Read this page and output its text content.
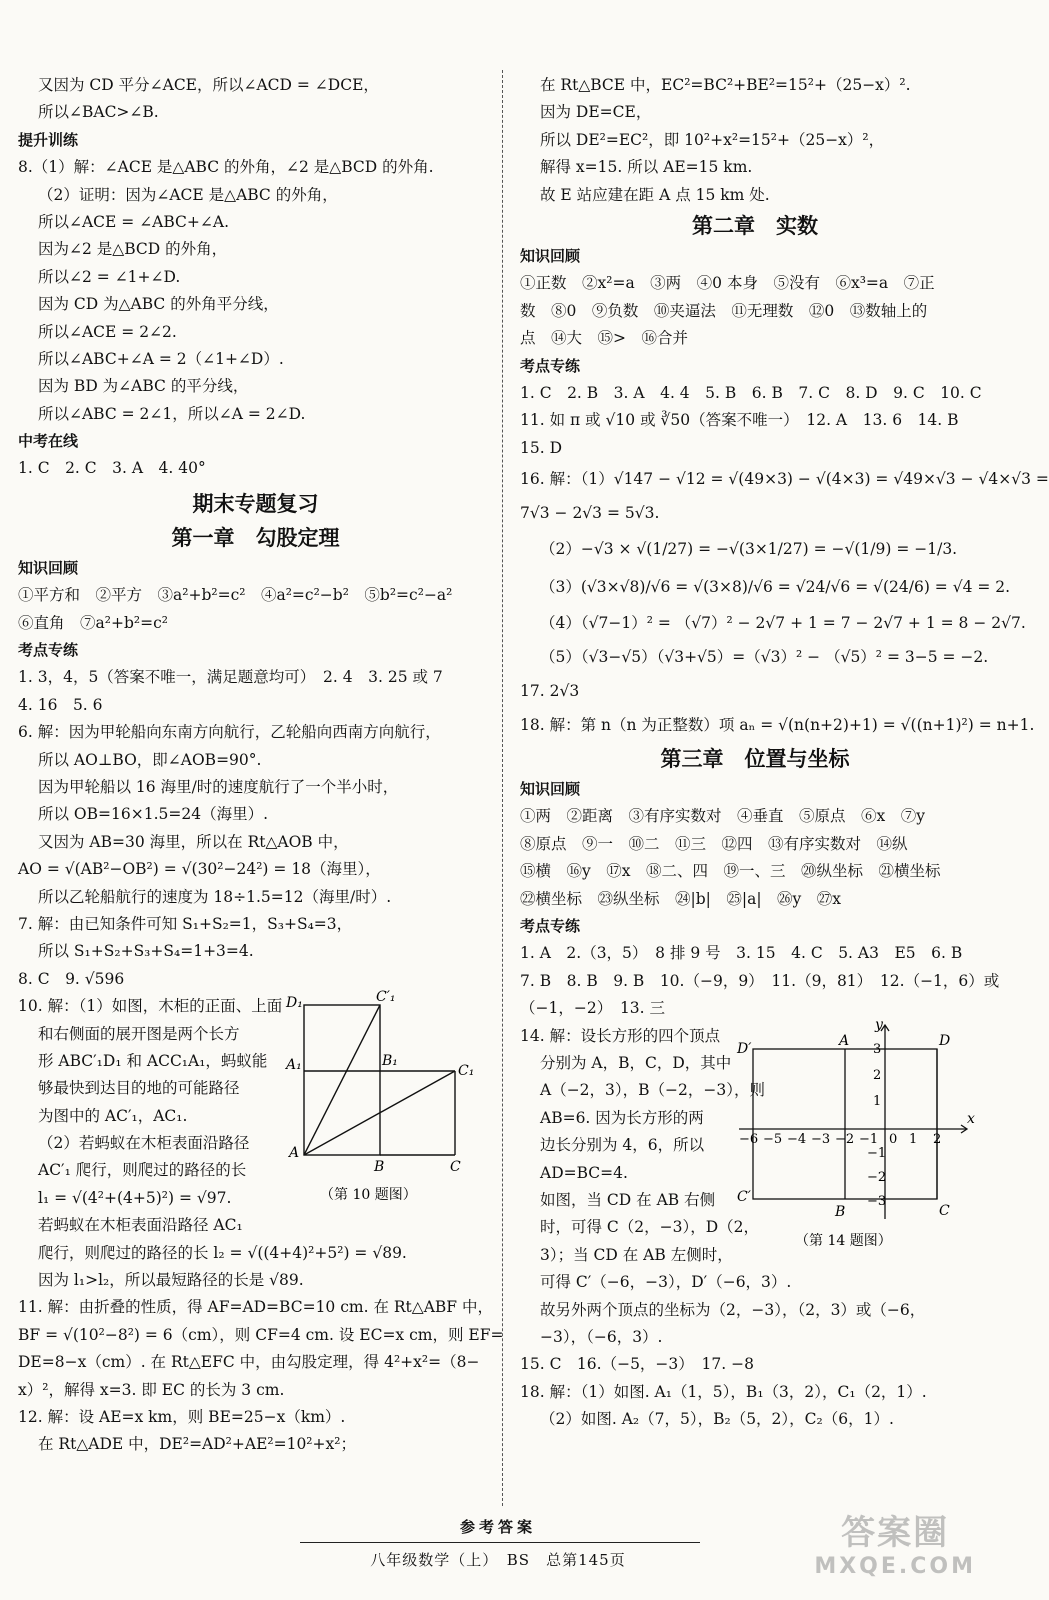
又因为 CD 平分∠ACE，所以∠ACD = ∠DCE，
所以∠BAC>∠B.
提升训练
8.（1）解：∠ACE 是△ABC 的外角，∠2 是△BCD 的外角.
（2）证明：因为∠ACE 是△ABC 的外角，
所以∠ACE = ∠ABC+∠A.
因为∠2 是△BCD 的外角，
所以∠2 = ∠1+∠D.
因为 CD 为△ABC 的外角平分线，
所以∠ACE = 2∠2.
所以∠ABC+∠A = 2（∠1+∠D）.
因为 BD 为∠ABC 的平分线，
所以∠ABC = 2∠1，所以∠A = 2∠D.
中考在线
1. C　2. C　3. A　4. 40°
期末专题复习
第一章　勾股定理
知识回顾
①平方和　②平方　③a²+b²=c²　④a²=c²−b²　⑤b²=c²−a²
⑥直角　⑦a²+b²=c²
考点专练
1. 3，4，5（答案不唯一，满足题意均可）　2. 4　3. 25 或 7
4. 16　5. 6
6. 解：因为甲轮船向东南方向航行，乙轮船向西南方向航行，
所以 AO⊥BO，即∠AOB=90°.
因为甲轮船以 16 海里/时的速度航行了一个半小时，
所以 OB=16×1.5=24（海里）.
又因为 AB=30 海里，所以在 Rt△AOB 中，
AO = √(AB²−OB²) = √(30²−24²) = 18（海里），
所以乙轮船航行的速度为 18÷1.5=12（海里/时）.
7. 解：由已知条件可知 S₁+S₂=1，S₃+S₄=3，
所以 S₁+S₂+S₃+S₄=1+3=4.
8. C　9. √596
10. 解：（1）如图，木柜的正面、上面
和右侧面的展开图是两个长方
形 ABC′₁D₁ 和 ACC₁A₁，蚂蚁能
够最快到达目的地的可能路径
为图中的 AC′₁，AC₁.
（2）若蚂蚁在木柜表面沿路径
AC′₁ 爬行，则爬过的路径的长
l₁ = √(4²+(4+5)²) = √97.
D₁	C′₁
A₁	B₁
C₁
A
B	C
（第 10 题图）
若蚂蚁在木柜表面沿路径 AC₁
爬行，则爬过的路径的长 l₂ = √((4+4)²+5²) = √89.
因为 l₁>l₂，所以最短路径的长是 √89.
11. 解：由折叠的性质，得 AF=AD=BC=10 cm. 在 Rt△ABF 中，
BF = √(10²−8²) = 6（cm），则 CF=4 cm. 设 EC=x cm，则 EF=
DE=8−x（cm）. 在 Rt△EFC 中，由勾股定理，得 4²+x²=（8−
x）²，解得 x=3. 即 EC 的长为 3 cm.
12. 解：设 AE=x km，则 BE=25−x（km）.
在 Rt△ADE 中，DE²=AD²+AE²=10²+x²；
在 Rt△BCE 中，EC²=BC²+BE²=15²+（25−x）².
因为 DE=CE，
所以 DE²=EC²，即 10²+x²=15²+（25−x）²，
解得 x=15. 所以 AE=15 km.
故 E 站应建在距 A 点 15 km 处.
第二章　实数
知识回顾
①正数　②x²=a　③两　④0 本身　⑤没有　⑥x³=a　⑦正
数　⑧0　⑨负数　⑩夹逼法　⑪无理数　⑫0　⑬数轴上的
点　⑭大　⑮>　⑯合并
考点专练
1. C　2. B　3. A　4. 4　5. B　6. B　7. C　8. D　9. C　10. C
11. 如 π 或 √10 或 ∛50（答案不唯一）　12. A　13. 6　14. B
15. D
16. 解：（1）√147 − √12 = √(49×3) − √(4×3) = √49×√3 − √4×√3 =
7√3 − 2√3 = 5√3.
（2）−√3 × √(1/27) = −√(3×1/27) = −√(1/9) = −1/3.
（3）(√3×√8)/√6 = √(3×8)/√6 = √24/√6 = √(24/6) = √4 = 2.
（4）（√7−1）² = （√7）² − 2√7 + 1 = 7 − 2√7 + 1 = 8 − 2√7.
（5）（√3−√5）（√3+√5）=（√3）² − （√5）² = 3−5 = −2.
17. 2√3
18. 解：第 n（n 为正整数）项 aₙ = √(n(n+2)+1) = √((n+1)²) = n+1.
第三章　位置与坐标
知识回顾
①两　②距离　③有序实数对　④垂直　⑤原点　⑥x　⑦y
⑧原点　⑨一　⑩二　⑪三　⑫四　⑬有序实数对　⑭纵
⑮横　⑯y　⑰x　⑱二、四　⑲一、三　⑳纵坐标　㉑横坐标
㉒横坐标　㉓纵坐标　㉔|b|　㉕|a|　㉖y　㉗x
考点专练
1. A　2.（3，5）　8 排 9 号　3. 15　4. C　5. A3　E5　6. B
7. B　8. B　9. B　10.（−9，9）　11.（9，81）　12.（−1，6）或
（−1，−2）　13. 三
14. 解：设长方形的四个顶点
分别为 A，B，C，D，其中
A（−2，3），B（−2，−3），则
AB=6. 因为长方形的两
边长分别为 4，6，所以
AD=BC=4.
如图，当 CD 在 AB 右侧
时，可得 C（2，−3），D（2，
3）；当 CD 在 AB 左侧时，
可得 C′（−6，−3），D′（−6，3）.
y
x
A	D
D′
C′
B	C
0
−6 −5 −4 −3 −2 −1 1 2
3
2
1
−1
−2
−3
（第 14 题图）
故另外两个顶点的坐标为（2，−3），（2，3）或（−6，
−3），（−6，3）.
15. C　16.（−5，−3）　17. −8
18. 解：（1）如图. A₁（1，5），B₁（3，2），C₁（2，1）.
（2）如图. A₂（7，5），B₂（5，2），C₂（6，1）.
参考答案
八年级数学（上）　BS　总第145页
答案圈
MXQE.COM
